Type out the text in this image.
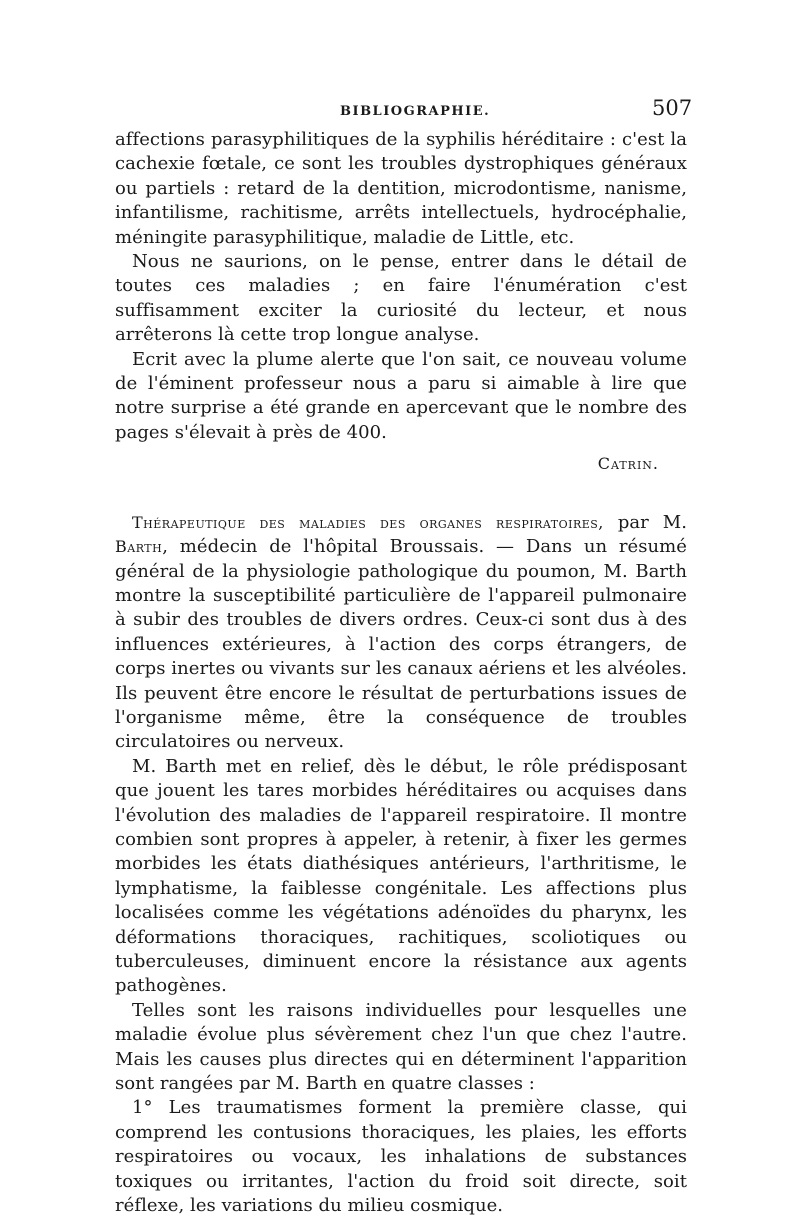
BIBLIOGRAPHIE.	507

affections parasyphilitiques de la syphilis héréditaire : c'est la cachexie fœtale, ce sont les troubles dystrophiques généraux ou partiels : retard de la dentition, microdontisme, nanisme, infantilisme, rachitisme, arrêts intellectuels, hydrocéphalie, méningite parasyphilitique, maladie de Little, etc.

Nous ne saurions, on le pense, entrer dans le détail de toutes ces maladies ; en faire l'énumération c'est suffisamment exciter la curiosité du lecteur, et nous arrêterons là cette trop longue analyse.

Ecrit avec la plume alerte que l'on sait, ce nouveau volume de l'éminent professeur nous a paru si aimable à lire que notre surprise a été grande en apercevant que le nombre des pages s'élevait à près de 400.

Catrin.

Thérapeutique des maladies des organes respiratoires, par M. Barth, médecin de l'hôpital Broussais. — Dans un résumé général de la physiologie pathologique du poumon, M. Barth montre la susceptibilité particulière de l'appareil pulmonaire à subir des troubles de divers ordres. Ceux-ci sont dus à des influences extérieures, à l'action des corps étrangers, de corps inertes ou vivants sur les canaux aériens et les alvéoles. Ils peuvent être encore le résultat de perturbations issues de l'organisme même, être la conséquence de troubles circulatoires ou nerveux.

M. Barth met en relief, dès le début, le rôle prédisposant que jouent les tares morbides héréditaires ou acquises dans l'évolution des maladies de l'appareil respiratoire. Il montre combien sont propres à appeler, à retenir, à fixer les germes morbides les états diathésiques antérieurs, l'arthritisme, le lymphatisme, la faiblesse congénitale. Les affections plus localisées comme les végétations adénoïdes du pharynx, les déformations thoraciques, rachitiques, scoliotiques ou tuberculeuses, diminuent encore la résistance aux agents pathogènes.

Telles sont les raisons individuelles pour lesquelles une maladie évolue plus sévèrement chez l'un que chez l'autre. Mais les causes plus directes qui en déterminent l'apparition sont rangées par M. Barth en quatre classes :

1° Les traumatismes forment la première classe, qui comprend les contusions thoraciques, les plaies, les efforts respiratoires ou vocaux, les inhalations de substances toxiques ou irritantes, l'action du froid soit directe, soit réflexe, les variations du milieu cosmique.
